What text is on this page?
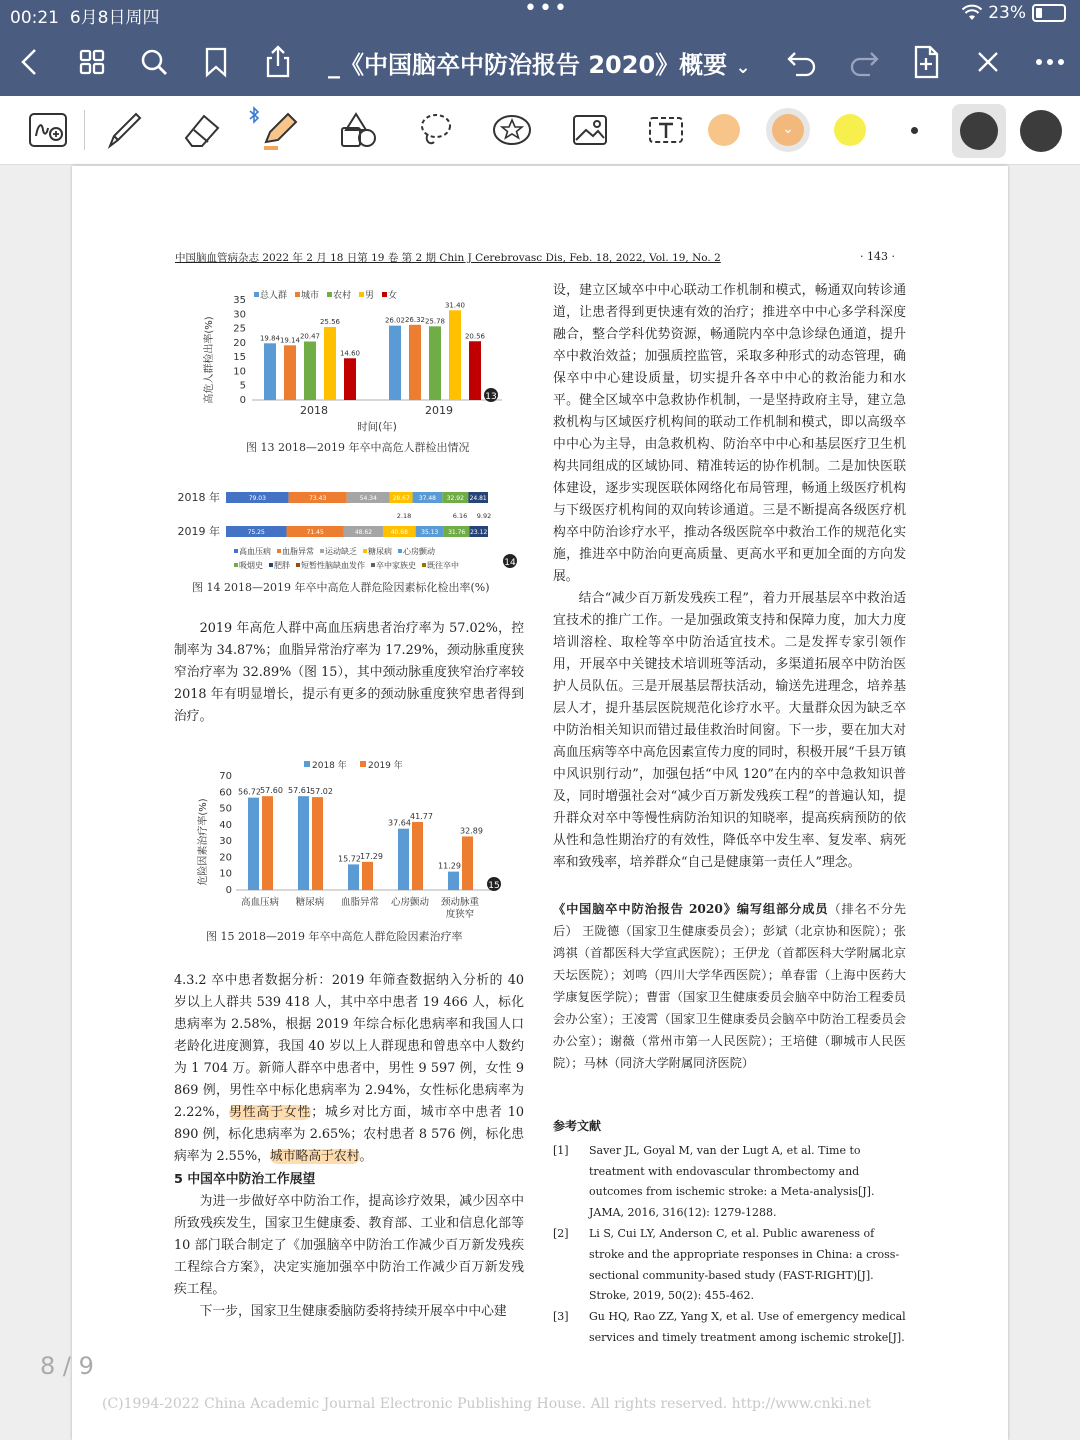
00:21 6月8日周四	•••	23%
_《中国脑卒中防治报告 2020》概要 ⌄
⌄
中国脑血管病杂志 2022 年 2 月 18 日第 19 卷 第 2 期 Chin J Cerebrovasc Dis, Feb. 18, 2022, Vol. 19, No. 2	· 143 ·
高危人群检出率(%)
总人群 城市 农村 男 女
0
5
10
15
20
25
30
35
19.84 19.14 20.47
25.56
14.60
2018
26.02 26.32 25.78
31.40
20.56
2019
时间(年)
13
图 13 2018—2019 年卒中高危人群检出情况
2018 年	79.03	73.43	54.34	28.67 37.48 32.92 24.81
2019 年	75.25	71.45	48.62	40.68 35.13 31.76 23.12
2.18	6.16 9.92
高血压病 血脂异常 运动缺乏 糖尿病 心房颤动
吸烟史 肥胖 短暂性脑缺血发作 卒中家族史 既往卒中	14
图 14 2018—2019 年卒中高危人群危险因素标化检出率(%)

2019 年高危人群中高血压病患者治疗率为 57.02%，控制率为 34.87%；血脂异常治疗率为 17.29%，颈动脉重度狭窄治疗率为 32.89%（图 15），其中颈动脉重度狭窄治疗率较 2018 年有明显增长，提示有更多的颈动脉重度狭窄患者得到治疗。

危险因素治疗率(%)
2018 年 2019 年
0
10
20
30
40
50
60
70
56.72 57.60
高血压病
57.61 57.02
糖尿病
15.72 17.29
血脂异常
37.64
41.77
心房颤动
11.29
32.89
颈动脉重
度狭窄
15
图 15 2018—2019 年卒中高危人群危险因素治疗率

4.3.2 卒中患者数据分析：2019 年筛查数据纳入分析的 40 岁以上人群共 539 418 人，其中卒中患者 19 466 人，标化患病率为 2.58%，根据 2019 年综合标化患病率和我国人口老龄化进度测算，我国 40 岁以上人群现患和曾患卒中人数约为 1 704 万。新筛人群卒中患者中，男性 9 597 例，女性 9 869 例，男性卒中标化患病率为 2.94%，女性标化患病率为 2.22%，男性高于女性；城乡对比方面，城市卒中患者 10 890 例，标化患病率为 2.65%；农村患者 8 576 例，标化患病率为 2.55%，城市略高于农村。

5 中国卒中防治工作展望

为进一步做好卒中防治工作，提高诊疗效果，减少因卒中所致残疾发生，国家卫生健康委、教育部、工业和信息化部等 10 部门联合制定了《加强脑卒中防治工作减少百万新发残疾工程综合方案》，决定实施加强卒中防治工作减少百万新发残疾工程。

下一步，国家卫生健康委脑防委将持续开展卒中中心建

设，建立区域卒中中心联动工作机制和模式，畅通双向转诊通道，让患者得到更快速有效的治疗；推进卒中中心多学科深度融合，整合学科优势资源，畅通院内卒中急诊绿色通道，提升卒中救治效益；加强质控监管，采取多种形式的动态管理，确保卒中中心建设质量，切实提升各卒中中心的救治能力和水平。健全区域卒中急救协作机制，一是坚持政府主导，建立急救机构与区域医疗机构间的联动工作机制和模式，即以高级卒中中心为主导，由急救机构、防治卒中中心和基层医疗卫生机构共同组成的区域协同、精准转运的协作机制。二是加快医联体建设，逐步实现医联体网络化布局管理，畅通上级医疗机构与下级医疗机构间的双向转诊通道。三是不断提高各级医疗机构卒中防治诊疗水平，推动各级医院卒中救治工作的规范化实施，推进卒中防治向更高质量、更高水平和更加全面的方向发展。

结合“减少百万新发残疾工程”，着力开展基层卒中救治适宜技术的推广工作。一是加强政策支持和保障力度，加大力度培训溶栓、取栓等卒中防治适宜技术。二是发挥专家引领作用，开展卒中关键技术培训班等活动，多渠道拓展卒中防治医护人员队伍。三是开展基层帮扶活动，输送先进理念，培养基层人才，提升基层医院规范化诊疗水平。大量群众因为缺乏卒中防治相关知识而错过最佳救治时间窗。下一步，要在加大对高血压病等卒中高危因素宣传力度的同时，积极开展“千县万镇中风识别行动”，加强包括“中风 120”在内的卒中急救知识普及，同时增强社会对“减少百万新发残疾工程”的普遍认知，提升群众对卒中等慢性病防治知识的知晓率，提高疾病预防的依从性和急性期治疗的有效性，降低卒中发生率、复发率、病死率和致残率，培养群众“自己是健康第一责任人”理念。

《中国脑卒中防治报告 2020》编写组部分成员（排名不分先后） 王陇德（国家卫生健康委员会）；彭斌（北京协和医院）；张鸿祺（首都医科大学宣武医院）；王伊龙（首都医科大学附属北京天坛医院）；刘鸣（四川大学华西医院）；单春雷（上海中医药大学康复医学院）；曹雷（国家卫生健康委员会脑卒中防治工程委员会办公室）；王凌霄（国家卫生健康委员会脑卒中防治工程委员会办公室）；谢薇（常州市第一人民医院）；王培健（聊城市人民医院）；马林（同济大学附属同济医院）

参考文献
[1]	Saver JL, Goyal M, van der Lugt A, et al. Time to treatment with endovascular thrombectomy and outcomes from ischemic stroke: a Meta-analysis[J]. JAMA, 2016, 316(12): 1279-1288.
[2]	Li S, Cui LY, Anderson C, et al. Public awareness of stroke and the appropriate responses in China: a cross-sectional community-based study (FAST-RIGHT)[J]. Stroke, 2019, 50(2): 455-462.
[3]	Gu HQ, Rao ZZ, Yang X, et al. Use of emergency medical services and timely treatment among ischemic stroke[J].
8 / 9
(C)1994-2022 China Academic Journal Electronic Publishing House. All rights reserved. http://www.cnki.net
